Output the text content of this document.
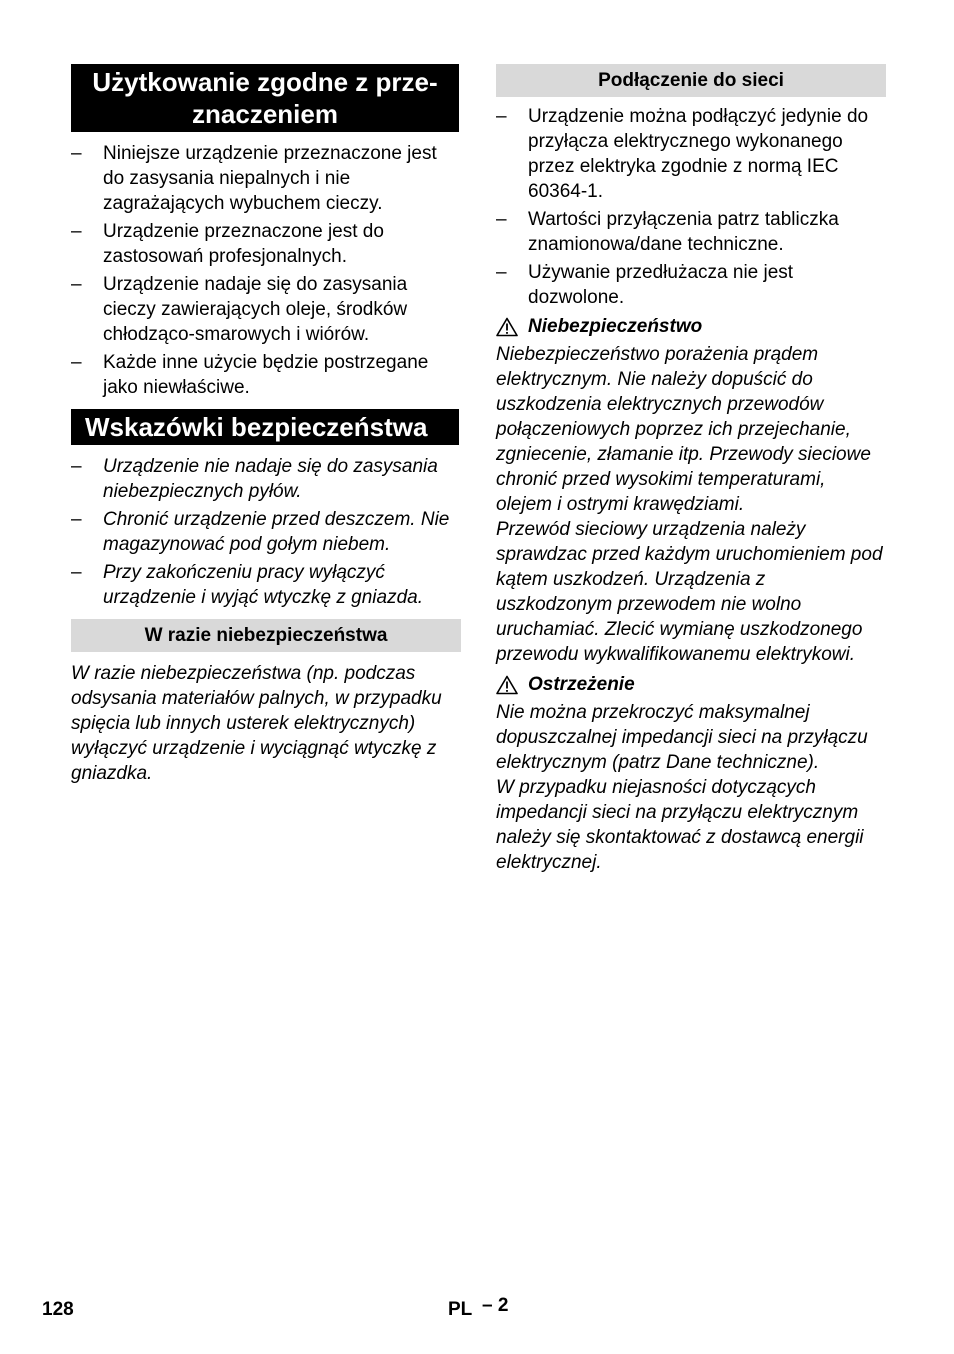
Użytkowanie zgodne z prze-znaczeniem
– Niniejsze urządzenie przeznaczone jest do zasysania niepalnych i nie zagrażających wybuchem cieczy.
– Urządzenie przeznaczone jest do zastosowań profesjonalnych.
– Urządzenie nadaje się do zasysania cieczy zawierających oleje, środków chłodząco-smarowych i wiórów.
– Każde inne użycie będzie postrzegane jako niewłaściwe.
Wskazówki bezpieczeństwa
– Urządzenie nie nadaje się do zasysania niebezpiecznych pyłów.
– Chronić urządzenie przed deszczem. Nie magazynować pod gołym niebem.
– Przy zakończeniu pracy wyłączyć urządzenie i wyjąć wtyczkę z gniazda.
W razie niebezpieczeństwa

W razie niebezpieczeństwa (np. podczas odsysania materiałów palnych, w przypadku spięcia lub innych usterek elektrycznych) wyłączyć urządzenie i wyciągnąć wtyczkę z gniazdka.

Podłączenie do sieci
– Urządzenie można podłączyć jedynie do przyłącza elektrycznego wykonanego przez elektryka zgodnie z normą IEC 60364-1.
– Wartości przyłączenia patrz tabliczka znamionowa/dane techniczne.
– Używanie przedłużacza nie jest dozwolone.
Niebezpieczeństwo

Niebezpieczeństwo porażenia prądem elektrycznym. Nie należy dopuścić do uszkodzenia elektrycznych przewodów połączeniowych poprzez ich przejechanie, zgniecenie, złamanie itp. Przewody sieciowe chronić przed wysokimi temperaturami, olejem i ostrymi krawędziami.

Przewód sieciowy urządzenia należy sprawdzac przed każdym uruchomieniem pod kątem uszkodzeń. Urządzenia z uszkodzonym przewodem nie wolno uruchamiać. Zlecić wymianę uszkodzonego przewodu wykwalifikowanemu elektrykowi.

Ostrzeżenie

Nie można przekroczyć maksymalnej dopuszczalnej impedancji sieci na przyłączu elektrycznym (patrz Dane techniczne).

W przypadku niejasności dotyczących impedancji sieci na przyłączu elektrycznym należy się skontaktować z dostawcą energii elektrycznej.

128	PL – 2
